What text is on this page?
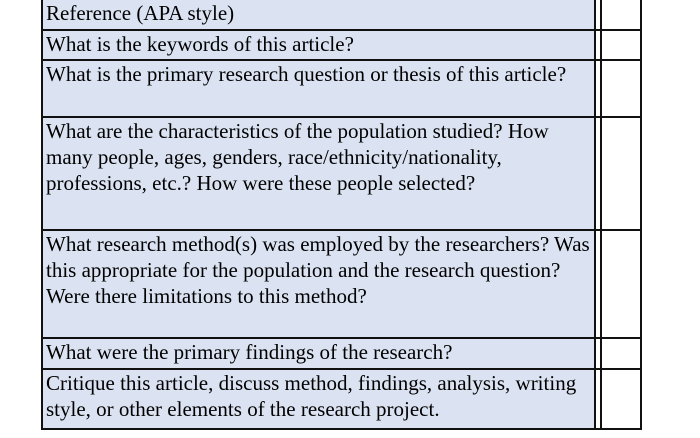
Reference (APA style)		
What is the keywords of this article?		
What is the primary research question or thesis of this article?		
What are the characteristics of the population studied? How many people, ages, genders, race/ethnicity/nationality, professions, etc.? How were these people selected?		
What research method(s) was employed by the researchers? Was this appropriate for the population and the research question? Were there limitations to this method?		
What were the primary findings of the research?		
Critique this article, discuss method, findings, analysis, writing style, or other elements of the research project.		
